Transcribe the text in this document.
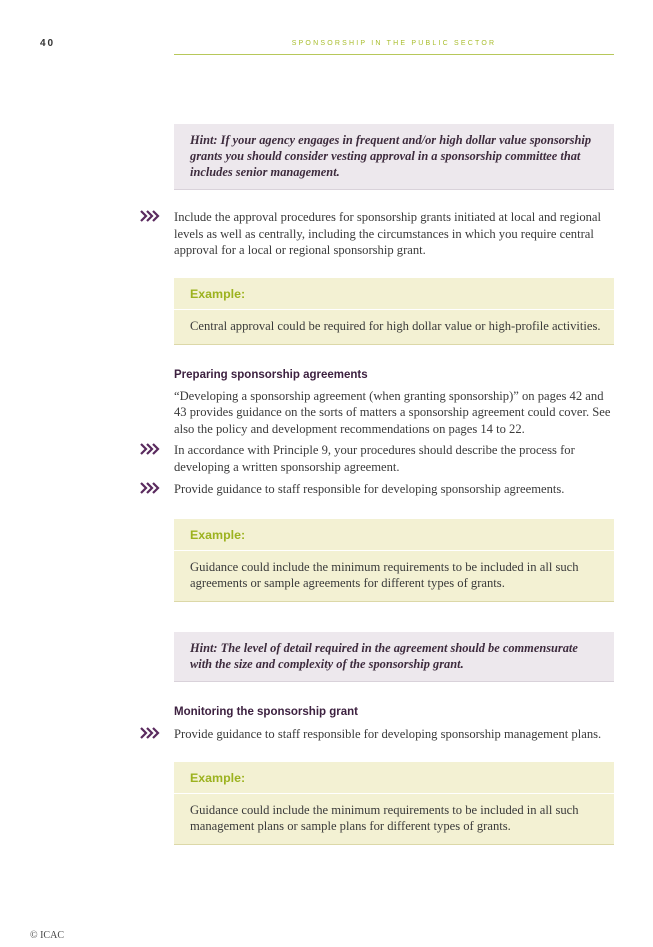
40	SPONSORSHIP IN THE PUBLIC SECTOR
Hint: If your agency engages in frequent and/or high dollar value sponsorship grants you should consider vesting approval in a sponsorship committee that includes senior management.
Include the approval procedures for sponsorship grants initiated at local and regional levels as well as centrally, including the circumstances in which you require central approval for a local or regional sponsorship grant.
Example:
Central approval could be required for high dollar value or high-profile activities.
Preparing sponsorship agreements
“Developing a sponsorship agreement (when granting sponsorship)” on pages 42 and 43 provides guidance on the sorts of matters a sponsorship agreement could cover. See also the policy and development recommendations on pages 14 to 22.
In accordance with Principle 9, your procedures should describe the process for developing a written sponsorship agreement.
Provide guidance to staff responsible for developing sponsorship agreements.
Example:
Guidance could include the minimum requirements to be included in all such agreements or sample agreements for different types of grants.
Hint: The level of detail required in the agreement should be commensurate with the size and complexity of the sponsorship grant.
Monitoring the sponsorship grant
Provide guidance to staff responsible for developing sponsorship management plans.
Example:
Guidance could include the minimum requirements to be included in all such management plans or sample plans for different types of grants.
© ICAC
